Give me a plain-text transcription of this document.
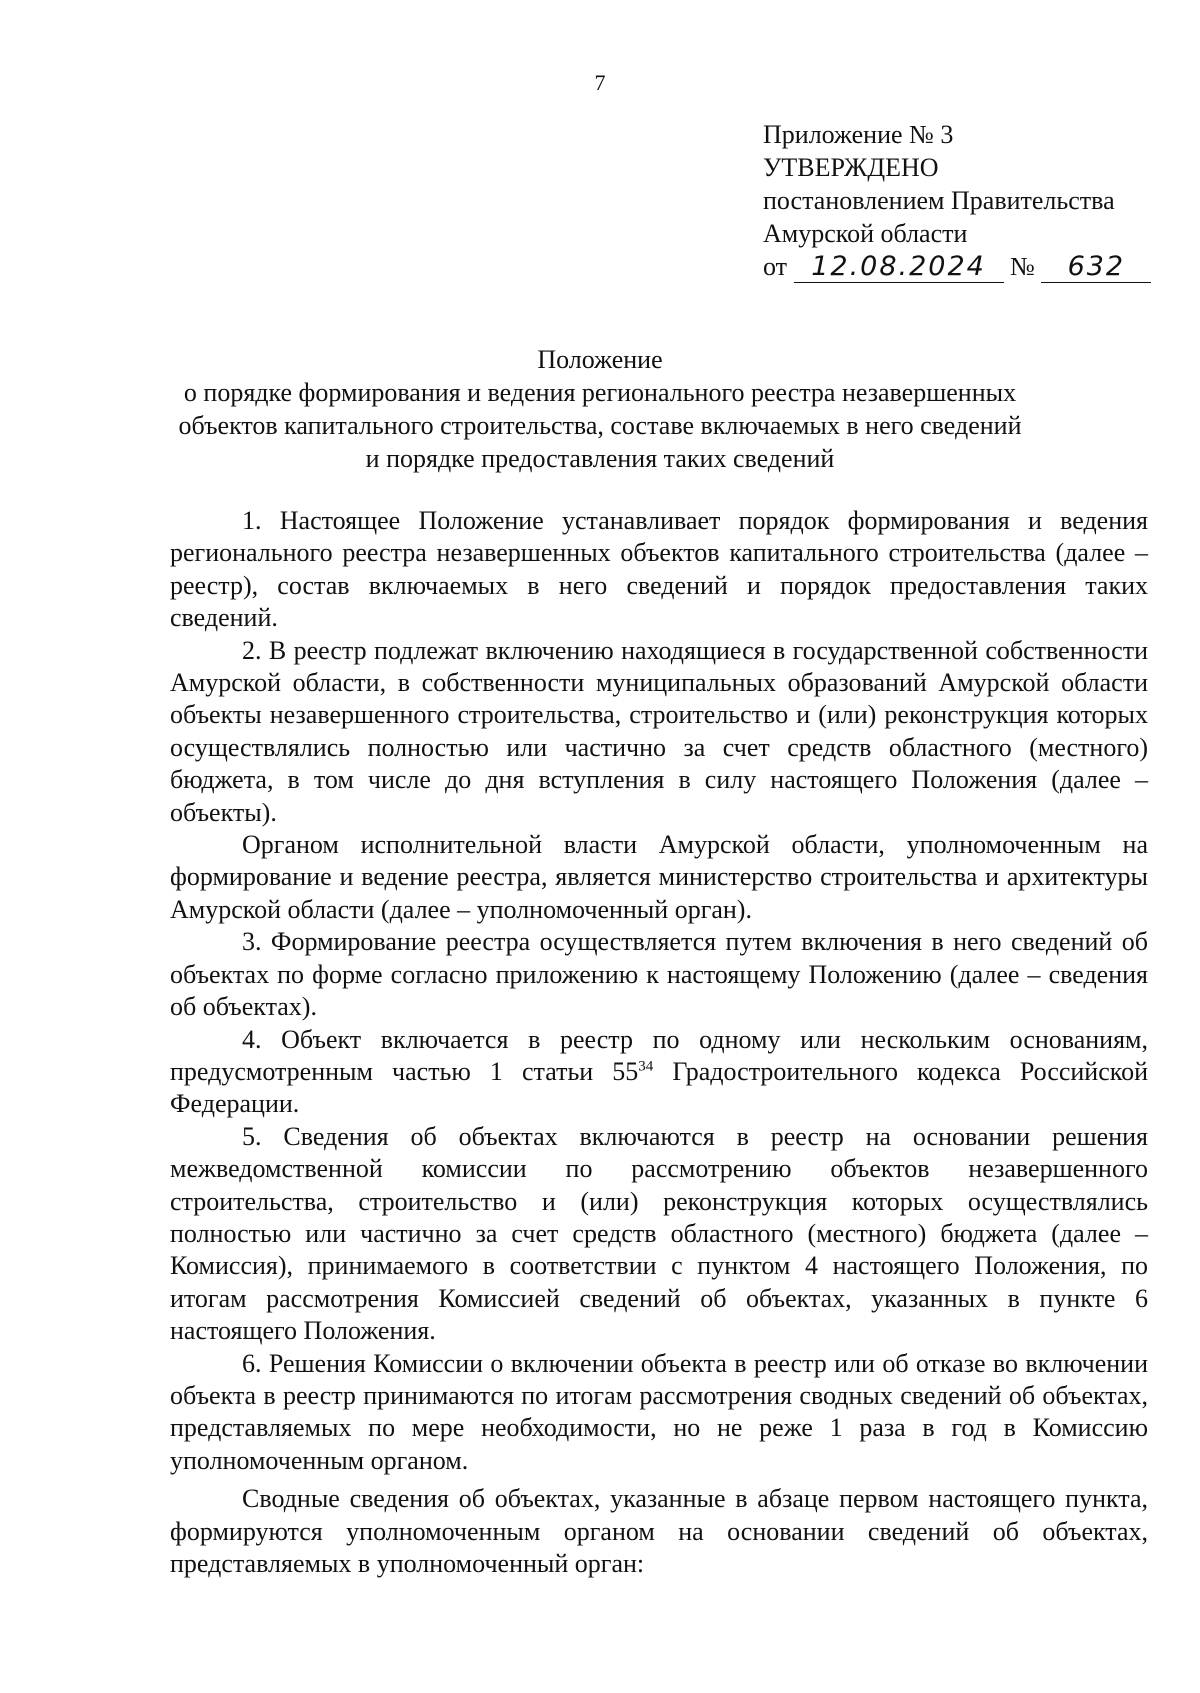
7
Приложение № 3
УТВЕРЖДЕНО
постановлением Правительства
Амурской области
от 12.08.2024 № 632
Положение
о порядке формирования и ведения регионального реестра незавершенных
объектов капитального строительства, составе включаемых в него сведений
и порядке предоставления таких сведений

1. Настоящее Положение устанавливает порядок формирования и ведения регионального реестра незавершенных объектов капитального строительства (далее – реестр), состав включаемых в него сведений и порядок предоставления таких сведений.

2. В реестр подлежат включению находящиеся в государственной собственности Амурской области, в собственности муниципальных образований Амурской области объекты незавершенного строительства, строительство и (или) реконструкция которых осуществлялись полностью или частично за счет средств областного (местного) бюджета, в том числе до дня вступления в силу настоящего Положения (далее – объекты).

Органом исполнительной власти Амурской области, уполномоченным на формирование и ведение реестра, является министерство строительства и архитектуры Амурской области (далее – уполномоченный орган).

3. Формирование реестра осуществляется путем включения в него сведений об объектах по форме согласно приложению к настоящему Положению (далее – сведения об объектах).

4. Объект включается в реестр по одному или нескольким основаниям, предусмотренным частью 1 статьи $55^{34}$ Градостроительного кодекса Российской Федерации.

5. Сведения об объектах включаются в реестр на основании решения межведомственной комиссии по рассмотрению объектов незавершенного строительства, строительство и (или) реконструкция которых осуществлялись полностью или частично за счет средств областного (местного) бюджета (далее – Комиссия), принимаемого в соответствии с пунктом 4 настоящего Положения, по итогам рассмотрения Комиссией сведений об объектах, указанных в пункте 6 настоящего Положения.

6. Решения Комиссии о включении объекта в реестр или об отказе во включении объекта в реестр принимаются по итогам рассмотрения сводных сведений об объектах, представляемых по мере необходимости, но не реже 1 раза в год в Комиссию уполномоченным органом.

Сводные сведения об объектах, указанные в абзаце первом настоящего пункта, формируются уполномоченным органом на основании сведений об объектах, представляемых в уполномоченный орган:
